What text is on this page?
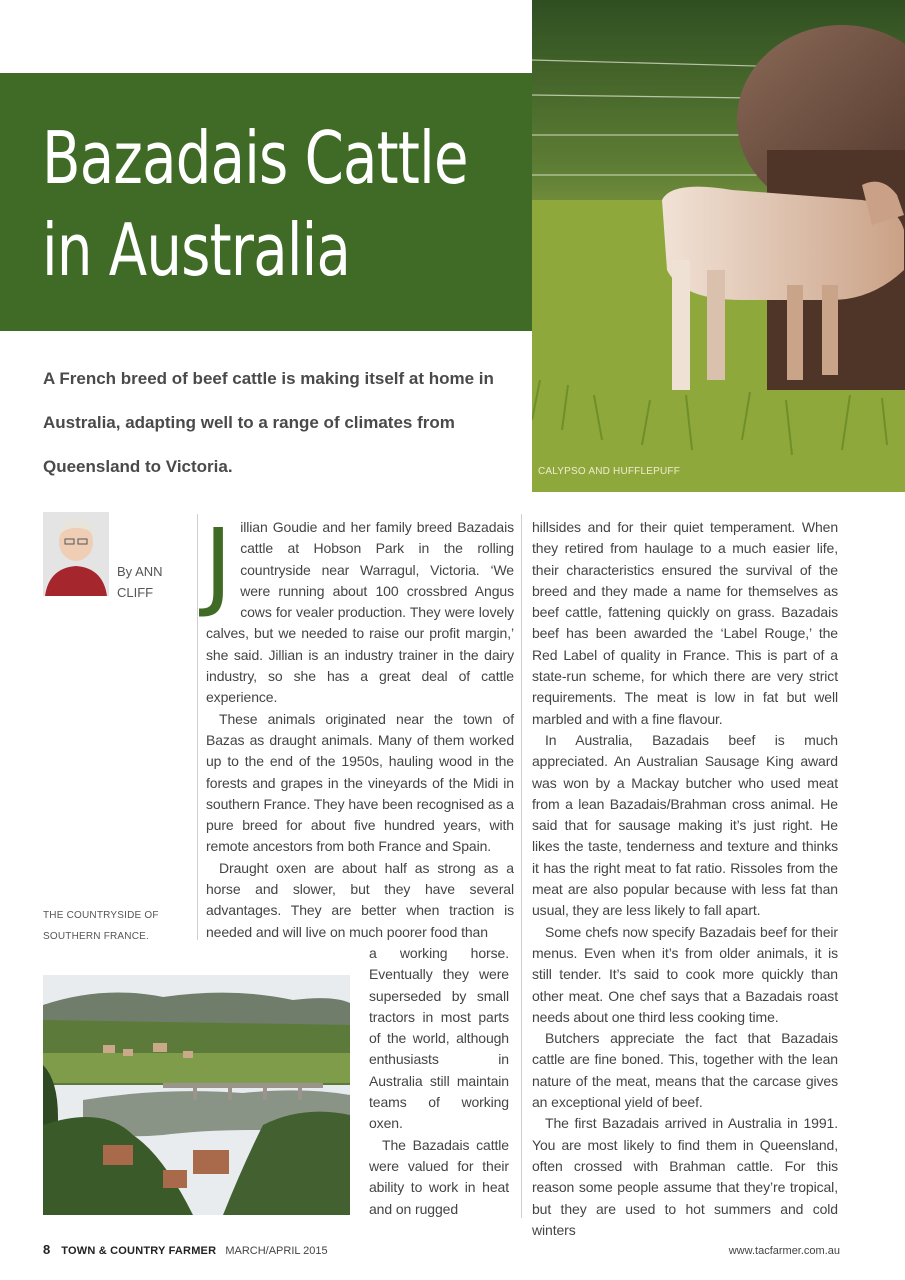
Bazadais Cattle
in Australia
CALYPSO AND HUFFLEPUFF

A French breed of beef cattle is making itself at home in Australia, adapting well to a range of climates from Queensland to Victoria.

By ANN CLIFF J illian Goudie and her family breed Bazadais cattle at Hobson Park in the rolling countryside near Warragul, Victoria. ‘We were running about 100 crossbred Angus cows for vealer production. They were lovely calves, but we needed to raise our profit margin,’ she said. Jillian is an industry trainer in the dairy industry, so she has a great deal of cattle experience.

These animals originated near the town of Bazas as draught animals. Many of them worked up to the end of the 1950s, hauling wood in the forests and grapes in the vineyards of the Midi in southern France. They have been recognised as a pure breed for about five hundred years, with remote ancestors from both France and Spain.

Draught oxen are about half as strong as a horse and slower, but they have several advantages. They are better when traction is needed and will live on much poorer food than

a working horse. Eventually they were superseded by small tractors in most parts of the world, although enthusiasts in Australia still maintain teams of working oxen.

The Bazadais cattle were valued for their ability to work in heat and on rugged

hillsides and for their quiet temperament. When they retired from haulage to a much easier life, their characteristics ensured the survival of the breed and they made a name for themselves as beef cattle, fattening quickly on grass. Bazadais beef has been awarded the ‘Label Rouge,’ the Red Label of quality in France. This is part of a state-run scheme, for which there are very strict requirements. The meat is low in fat but well marbled and with a fine flavour.

In Australia, Bazadais beef is much appreciated. An Australian Sausage King award was won by a Mackay butcher who used meat from a lean Bazadais/Brahman cross animal. He said that for sausage making it’s just right. He likes the taste, tenderness and texture and thinks it has the right meat to fat ratio. Rissoles from the meat are also popular because with less fat than usual, they are less likely to fall apart.

Some chefs now specify Bazadais beef for their menus. Even when it’s from older animals, it is still tender. It’s said to cook more quickly than other meat. One chef says that a Bazadais roast needs about one third less cooking time.

Butchers appreciate the fact that Bazadais cattle are fine boned. This, together with the lean nature of the meat, means that the carcase gives an exceptional yield of beef.

The first Bazadais arrived in Australia in 1991. You are most likely to find them in Queensland, often crossed with Brahman cattle. For this reason some people assume that they’re tropical, but they are used to hot summers and cold winters

THE COUNTRYSIDE OF SOUTHERN FRANCE.
8 TOWN & COUNTRY FARMER MARCH/APRIL 2015	www.tacfarmer.com.au
